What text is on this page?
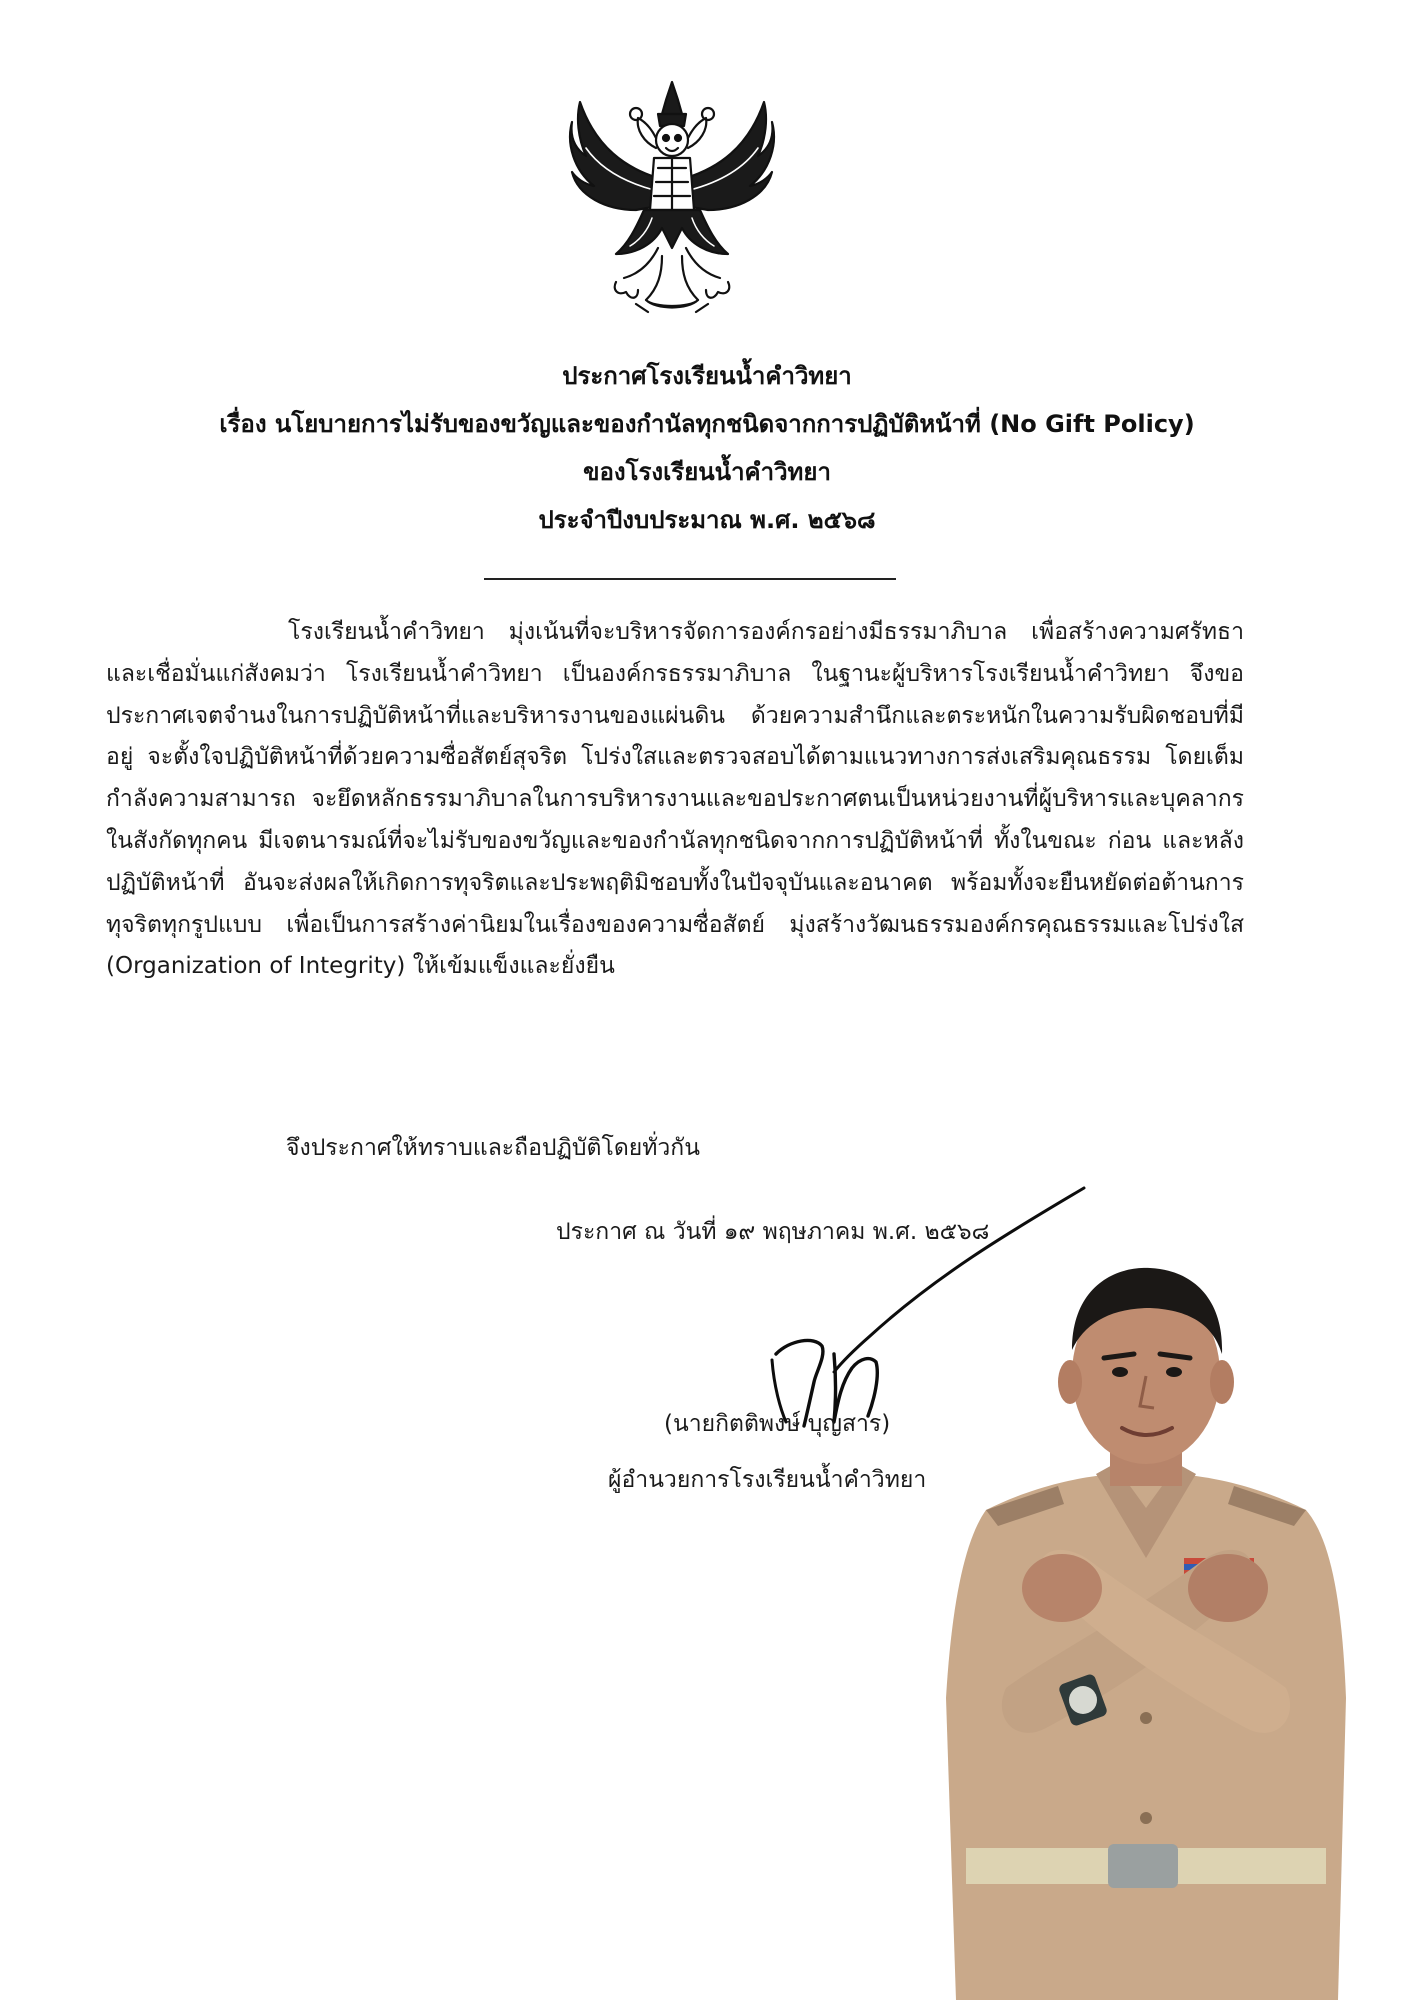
ประกาศโรงเรียนน้ำคำวิทยา
เรื่อง นโยบายการไม่รับของขวัญและของกำนัลทุกชนิดจากการปฏิบัติหน้าที่ (No Gift Policy)
ของโรงเรียนน้ำคำวิทยา
ประจำปีงบประมาณ พ.ศ. ๒๕๖๘
โรงเรียนน้ำคำวิทยา มุ่งเน้นที่จะบริหารจัดการองค์กรอย่างมีธรรมาภิบาล เพื่อสร้างความศรัทธาและเชื่อมั่นแก่สังคมว่า โรงเรียนน้ำคำวิทยา เป็นองค์กรธรรมาภิบาล ในฐานะผู้บริหารโรงเรียนน้ำคำวิทยา จึงขอประกาศเจตจำนงในการปฏิบัติหน้าที่และบริหารงานของแผ่นดิน ด้วยความสำนึกและตระหนักในความรับผิดชอบที่มีอยู่ จะตั้งใจปฏิบัติหน้าที่ด้วยความซื่อสัตย์สุจริต โปร่งใสและตรวจสอบได้ตามแนวทางการส่งเสริมคุณธรรม โดยเต็มกำลังความสามารถ จะยึดหลักธรรมาภิบาลในการบริหารงานและขอประกาศตนเป็นหน่วยงานที่ผู้บริหารและบุคลากรในสังกัดทุกคน มีเจตนารมณ์ที่จะไม่รับของขวัญและของกำนัลทุกชนิดจากการปฏิบัติหน้าที่ ทั้งในขณะ ก่อน และหลังปฏิบัติหน้าที่ อันจะส่งผลให้เกิดการทุจริตและประพฤติมิชอบทั้งในปัจจุบันและอนาคต พร้อมทั้งจะยืนหยัดต่อต้านการทุจริตทุกรูปแบบ เพื่อเป็นการสร้างค่านิยมในเรื่องของความซื่อสัตย์ มุ่งสร้างวัฒนธรรมองค์กรคุณธรรมและโปร่งใส (Organization of Integrity) ให้เข้มแข็งและยั่งยืน
จึงประกาศให้ทราบและถือปฏิบัติโดยทั่วกัน
ประกาศ ณ วันที่ ๑๙ พฤษภาคม พ.ศ. ๒๕๖๘
(นายกิตติพงษ์ บุญสาร)
ผู้อำนวยการโรงเรียนน้ำคำวิทยา
